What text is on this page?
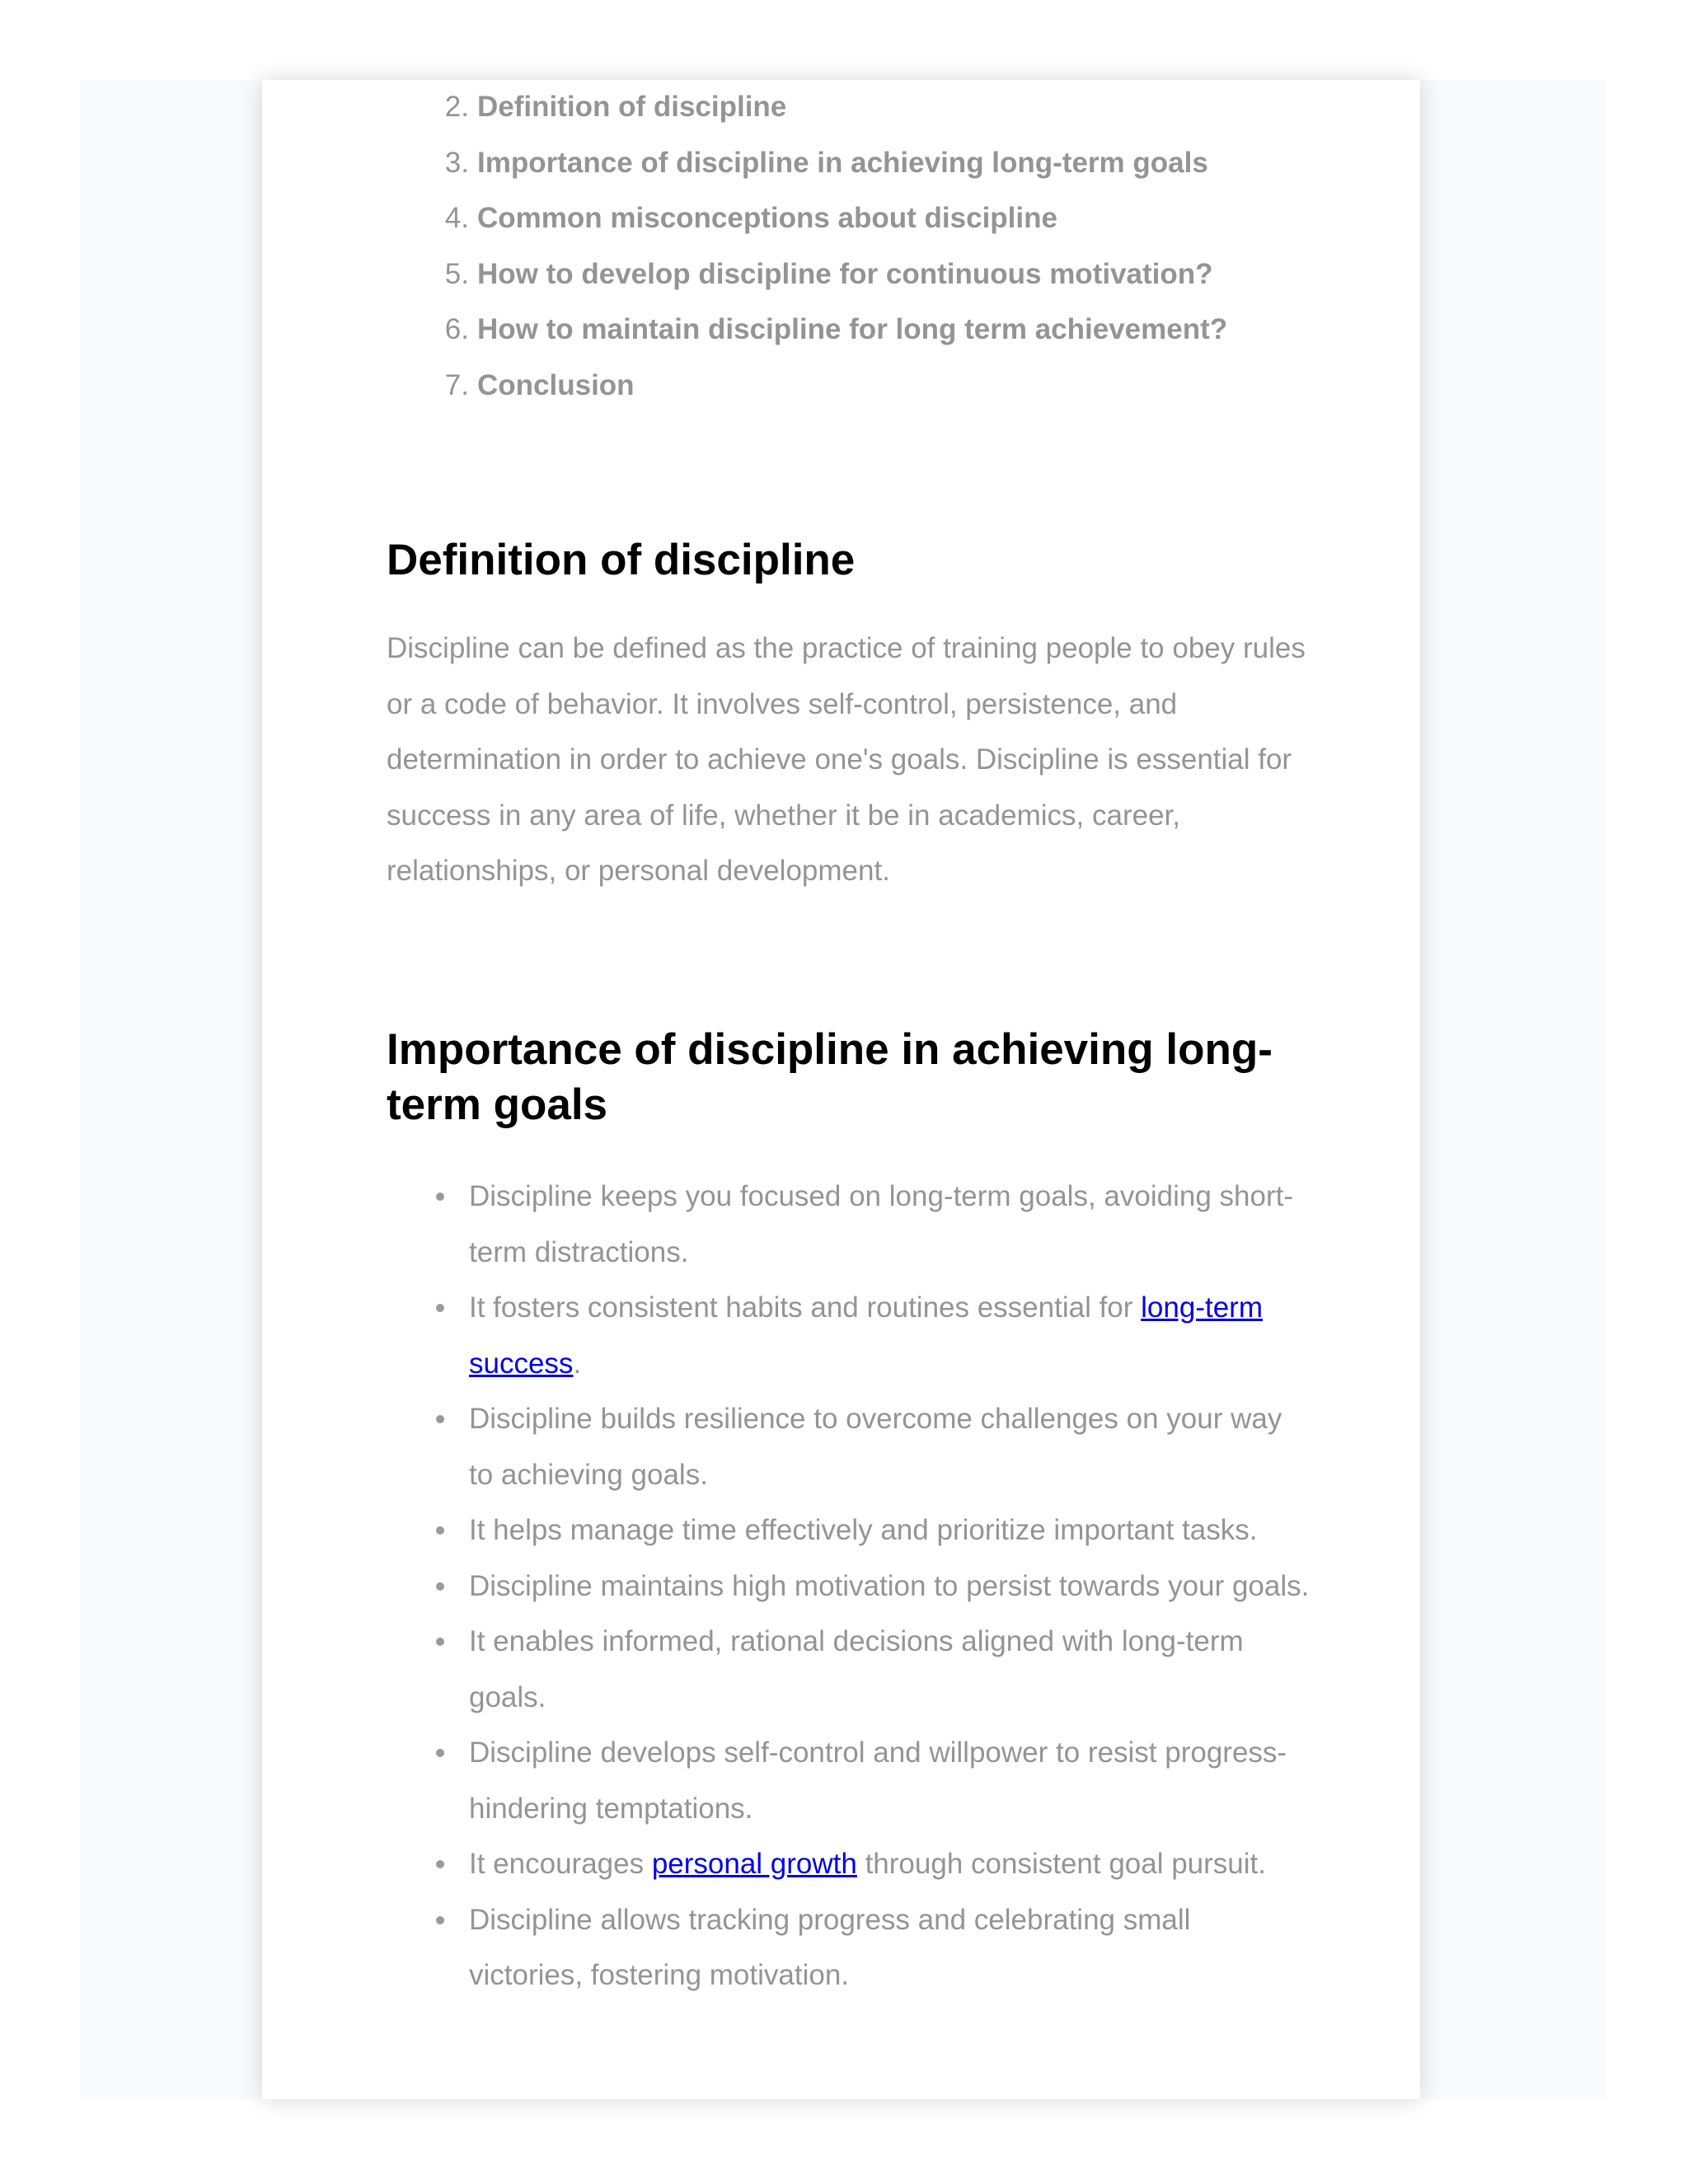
2. Definition of discipline
3. Importance of discipline in achieving long-term goals
4. Common misconceptions about discipline
5. How to develop discipline for continuous motivation?
6. How to maintain discipline for long term achievement?
7. Conclusion
Definition of discipline

Discipline can be defined as the practice of training people to obey rules or a code of behavior. It involves self-control, persistence, and determination in order to achieve one's goals. Discipline is essential for success in any area of life, whether it be in academics, career, relationships, or personal development.

Importance of discipline in achieving long-term goals
Discipline keeps you focused on long-term goals, avoiding short-term distractions.
It fosters consistent habits and routines essential for long-term success.
Discipline builds resilience to overcome challenges on your way to achieving goals.
It helps manage time effectively and prioritize important tasks.
Discipline maintains high motivation to persist towards your goals.
It enables informed, rational decisions aligned with long-term goals.
Discipline develops self-control and willpower to resist progress-hindering temptations.
It encourages personal growth through consistent goal pursuit.
Discipline allows tracking progress and celebrating small victories, fostering motivation.
